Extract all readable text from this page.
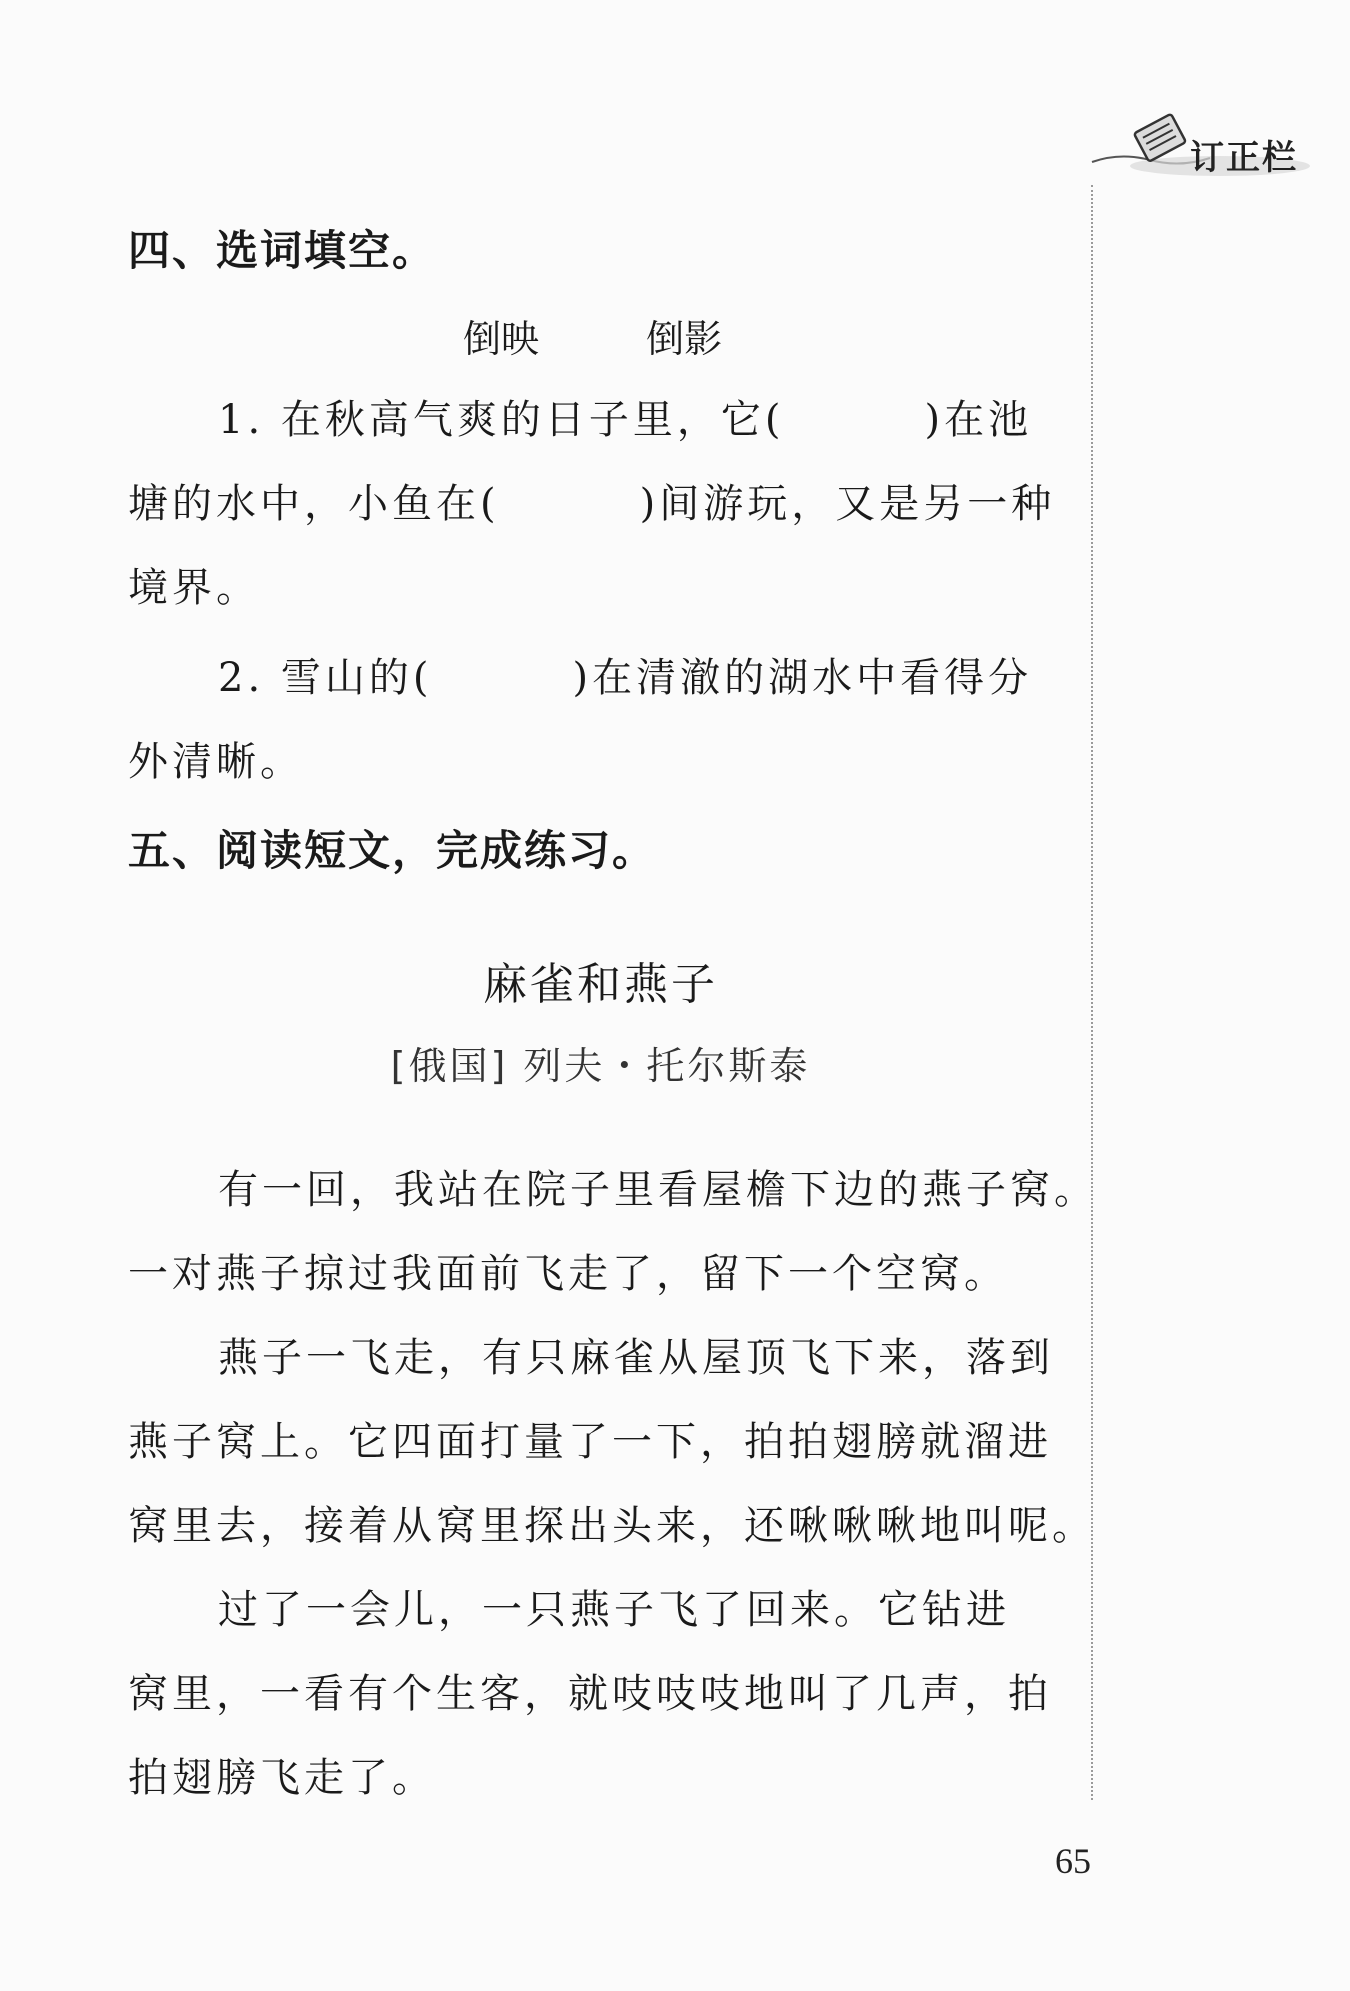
订正栏
四、选词填空。
倒映	倒影
1. 在秋高气爽的日子里，它(	)在池
塘的水中，小鱼在(	)间游玩，又是另一种
境界。
2. 雪山的(	)在清澈的湖水中看得分
外清晰。
五、阅读短文，完成练习。
麻雀和燕子
[俄国] 列夫・托尔斯泰
有一回，我站在院子里看屋檐下边的燕子窝。
一对燕子掠过我面前飞走了，留下一个空窝。
燕子一飞走，有只麻雀从屋顶飞下来，落到
燕子窝上。它四面打量了一下，拍拍翅膀就溜进
窝里去，接着从窝里探出头来，还啾啾啾地叫呢。
过了一会儿，一只燕子飞了回来。它钻进
窝里，一看有个生客，就吱吱吱地叫了几声，拍
拍翅膀飞走了。
65
